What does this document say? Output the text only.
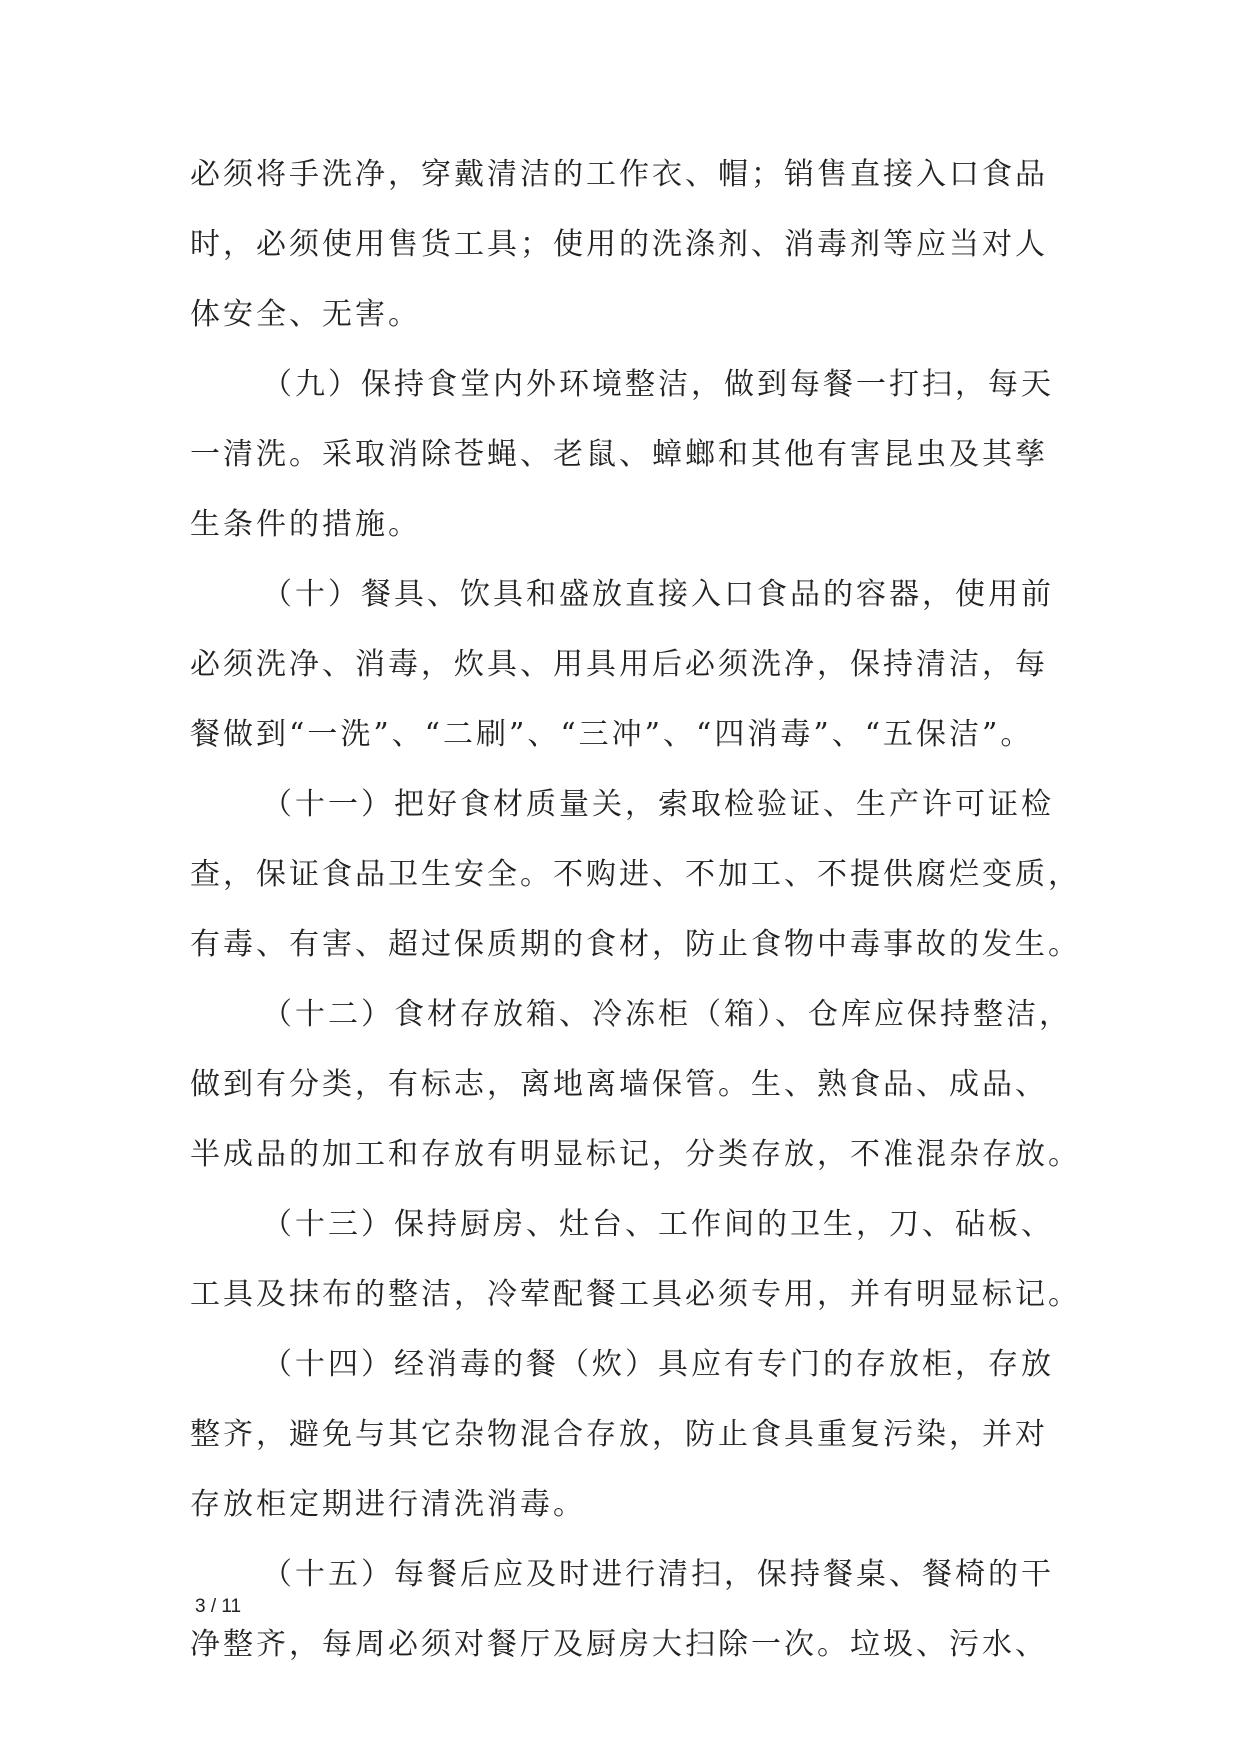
必须将手洗净，穿戴清洁的工作衣、帽；销售直接入口食品
时，必须使用售货工具；使用的洗涤剂、消毒剂等应当对人
体安全、无害。
（九）保持食堂内外环境整洁，做到每餐一打扫，每天
一清洗。采取消除苍蝇、老鼠、蟑螂和其他有害昆虫及其孳
生条件的措施。
（十）餐具、饮具和盛放直接入口食品的容器，使用前
必须洗净、消毒，炊具、用具用后必须洗净，保持清洁，每
餐做到“一洗”、“二刷”、“三冲”、“四消毒”、“五保洁”。
（十一）把好食材质量关，索取检验证、生产许可证检
查，保证食品卫生安全。不购进、不加工、不提供腐烂变质，
有毒、有害、超过保质期的食材，防止食物中毒事故的发生。
（十二）食材存放箱、冷冻柜（箱）、仓库应保持整洁，
做到有分类，有标志，离地离墙保管。生、熟食品、成品、
半成品的加工和存放有明显标记，分类存放，不准混杂存放。
（十三）保持厨房、灶台、工作间的卫生，刀、砧板、
工具及抹布的整洁，冷荤配餐工具必须专用，并有明显标记。
（十四）经消毒的餐（炊）具应有专门的存放柜，存放
整齐，避免与其它杂物混合存放，防止食具重复污染，并对
存放柜定期进行清洗消毒。
（十五）每餐后应及时进行清扫，保持餐桌、餐椅的干
净整齐，每周必须对餐厅及厨房大扫除一次。垃圾、污水、
3 / 11
